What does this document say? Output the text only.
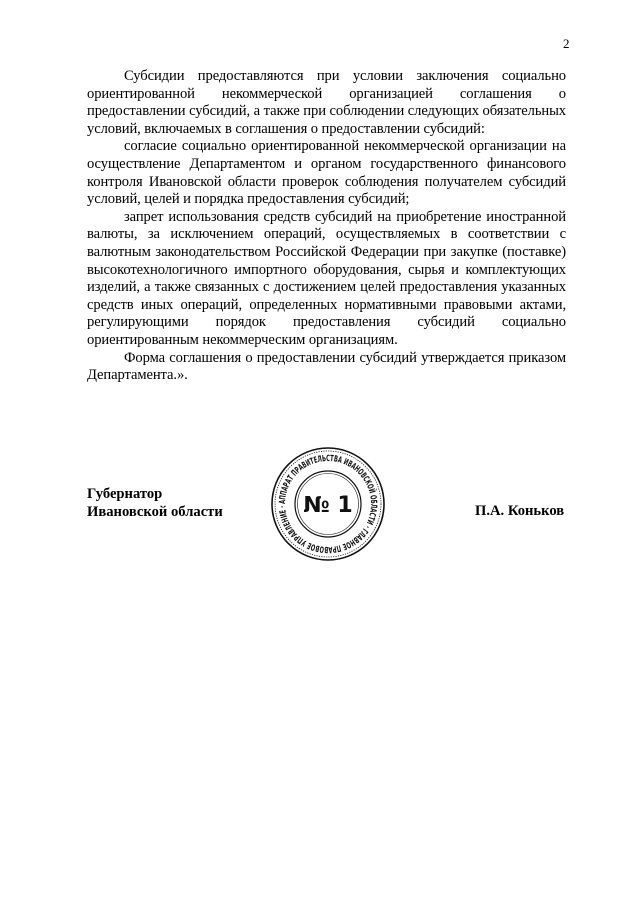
2

Субсидии предоставляются при условии заключения социально ориентированной некоммерческой организацией соглашения о предоставлении субсидий, а также при соблюдении следующих обязательных условий, включаемых в соглашения о предоставлении субсидий:

согласие социально ориентированной некоммерческой организации на осуществление Департаментом и органом государственного финансового контроля Ивановской области проверок соблюдения получателем субсидий условий, целей и порядка предоставления субсидий;

запрет использования средств субсидий на приобретение иностранной валюты, за исключением операций, осуществляемых в соответствии с валютным законодательством Российской Федерации при закупке (поставке) высокотехнологичного импортного оборудования, сырья и комплектующих изделий, а также связанных с достижением целей предоставления указанных средств иных операций, определенных нормативными правовыми актами, регулирующими порядок предоставления субсидий социально ориентированным некоммерческим организациям.

Форма соглашения о предоставлении субсидий утверждается приказом Департамента.».

Губернатор
Ивановской области	П.А. Коньков
АППАРАТ ПРАВИТЕЛЬСТВА ИВАНОВСКОЙ ОБЛАСТИ · ГЛАВНОЕ ПРАВОВОЕ УПРАВЛЕНИЕ · № 1
